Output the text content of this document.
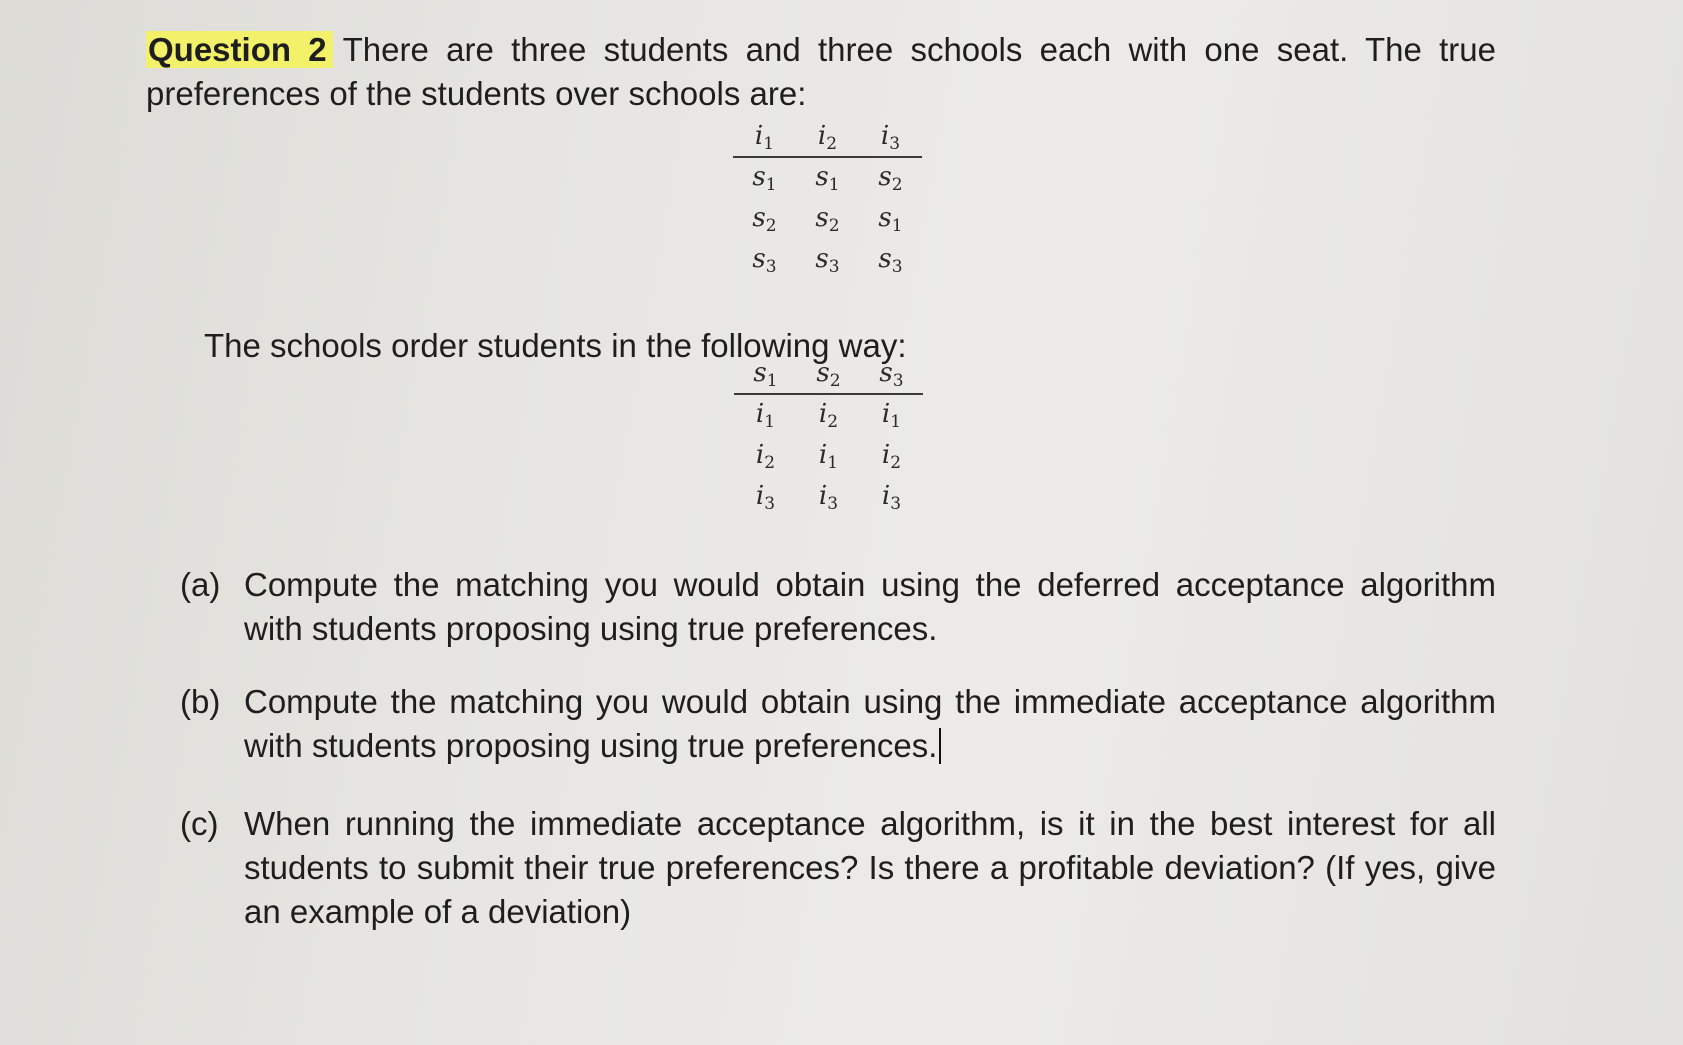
Question 2 There are three students and three schools each with one seat. The true preferences of the students over schools are:
$i_1$	$i_2$	$i_3$
$s_1$	$s_1$	$s_2$
$s_2$	$s_2$	$s_1$
$s_3$	$s_3$	$s_3$
The schools order students in the following way:
$s_1$	$s_2$	$s_3$
$i_1$	$i_2$	$i_1$
$i_2$	$i_1$	$i_2$
$i_3$	$i_3$	$i_3$
(a) Compute the matching you would obtain using the deferred acceptance algorithm with students proposing using true preferences.
(b) Compute the matching you would obtain using the immediate acceptance algorithm with students proposing using true preferences.
(c) When running the immediate acceptance algorithm, is it in the best interest for all students to submit their true preferences? Is there a profitable deviation? (If yes, give an example of a deviation)
